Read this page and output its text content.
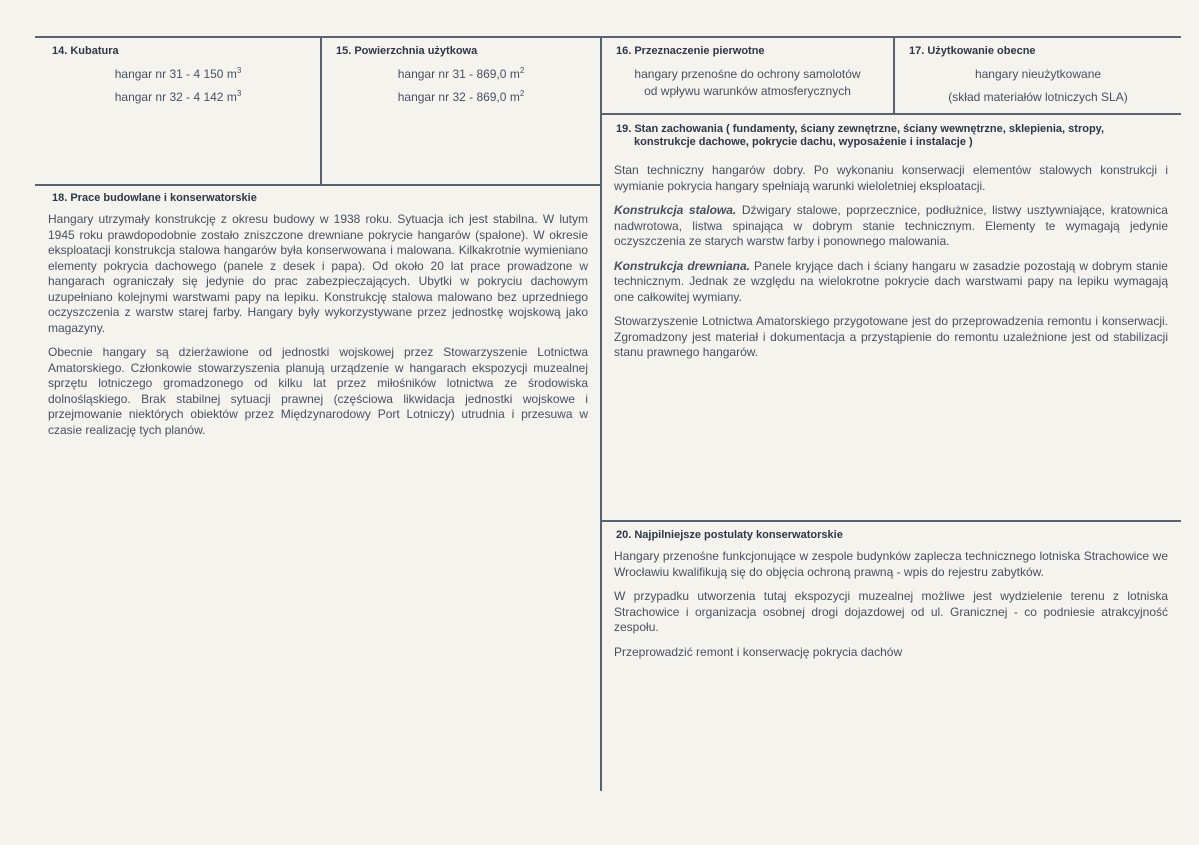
14. Kubatura
hangar nr 31 - 4 150 $m^3$
hangar nr 32 - 4 142 $m^3$
15. Powierzchnia użytkowa
hangar nr 31 - 869,0 $m^2$
hangar nr 32 - 869,0 $m^2$
16. Przeznaczenie pierwotne
hangary przenośne do ochrony samolotów
od wpływu warunków atmosferycznych
17. Użytkowanie obecne
hangary nieużytkowane
(skład materiałów lotniczych SLA)
18. Prace budowlane i konserwatorskie

Hangary utrzymały konstrukcję z okresu budowy w 1938 roku. Sytuacja ich jest stabilna. W lutym 1945 roku prawdopodobnie zostało zniszczone drewniane pokrycie hangarów (spalone). W okresie eksploatacji konstrukcja stalowa hangarów była konserwowana i malowana. Kilkakrotnie wymieniano elementy pokrycia dachowego (panele z desek i papa). Od około 20 lat prace prowadzone w hangarach ograniczały się jedynie do prac zabezpieczających. Ubytki w pokryciu dachowym uzupełniano kolejnymi warstwami papy na lepiku. Konstrukcję stalowa malowano bez uprzedniego oczyszczenia z warstw starej farby. Hangary były wykorzystywane przez jednostkę wojskową jako magazyny.

Obecnie hangary są dzierżawione od jednostki wojskowej przez Stowarzyszenie Lotnictwa Amatorskiego. Członkowie stowarzyszenia planują urządzenie w hangarach ekspozycji muzealnej sprzętu lotniczego gromadzonego od kilku lat przez miłośników lotnictwa ze środowiska dolnośląskiego. Brak stabilnej sytuacji prawnej (częściowa likwidacja jednostki wojskowe i przejmowanie niektórych obiektów przez Międzynarodowy Port Lotniczy) utrudnia i przesuwa w czasie realizację tych planów.

19. Stan zachowania ( fundamenty, ściany zewnętrzne, ściany wewnętrzne, sklepienia, stropy,
konstrukcje dachowe, pokrycie dachu, wyposażenie i instalacje )

Stan techniczny hangarów dobry. Po wykonaniu konserwacji elementów stalowych konstrukcji i wymianie pokrycia hangary spełniają warunki wieloletniej eksploatacji.

Konstrukcja stalowa. Dźwigary stalowe, poprzecznice, podłużnice, listwy usztywniające, kratownica nadwrotowa, listwa spinająca w dobrym stanie technicznym. Elementy te wymagają jedynie oczyszczenia ze starych warstw farby i ponownego malowania.

Konstrukcja drewniana. Panele kryjące dach i ściany hangaru w zasadzie pozostają w dobrym stanie technicznym. Jednak ze względu na wielokrotne pokrycie dach warstwami papy na lepiku wymagają one całkowitej wymiany.

Stowarzyszenie Lotnictwa Amatorskiego przygotowane jest do przeprowadzenia remontu i konserwacji. Zgromadzony jest materiał i dokumentacja a przystąpienie do remontu uzależnione jest od stabilizacji stanu prawnego hangarów.

20. Najpilniejsze postulaty konserwatorskie

Hangary przenośne funkcjonujące w zespole budynków zaplecza technicznego lotniska Strachowice we Wrocławiu kwalifikują się do objęcia ochroną prawną - wpis do rejestru zabytków.

W przypadku utworzenia tutaj ekspozycji muzealnej możliwe jest wydzielenie terenu z lotniska Strachowice i organizacja osobnej drogi dojazdowej od ul. Granicznej - co podniesie atrakcyjność zespołu.

Przeprowadzić remont i konserwację pokrycia dachów
